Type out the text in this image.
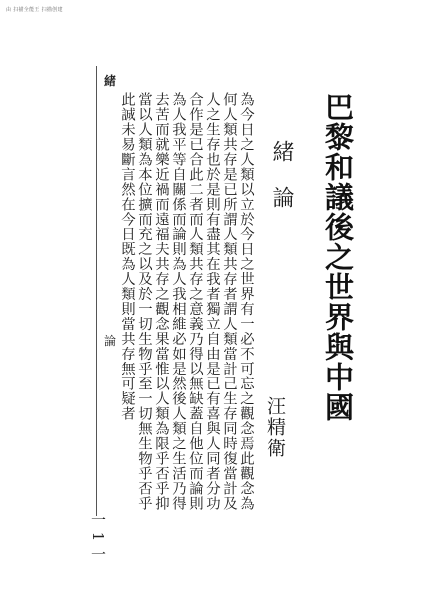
由 扫描全能王 扫描创建
巴黎和議後之世界與中國
緒論
汪精衛
為今日之人類以立於今日之世界有一必不可忘之觀念焉此觀念為
何人類共存是已所謂人類共存者謂人類當計己生存同時復當計及
人之生存也於是則有盡其在我者獨立自由是已有喜與人同者分功
合作是已合此二者而人類共存之意義乃得以無缺蓋自他位而論則
為人我平等自關係而論則為人我相維必如是然後人類之生活乃得
去苦而就樂近禍而遠福夫共存之觀念果當惟以人類為限乎否乎抑
當以人類為本位擴而充之以及於一切生物乎至一切無生物乎否乎
此誠未易斷言然在今日既為人類則當共存無可疑者
緒
論
一 1 一
